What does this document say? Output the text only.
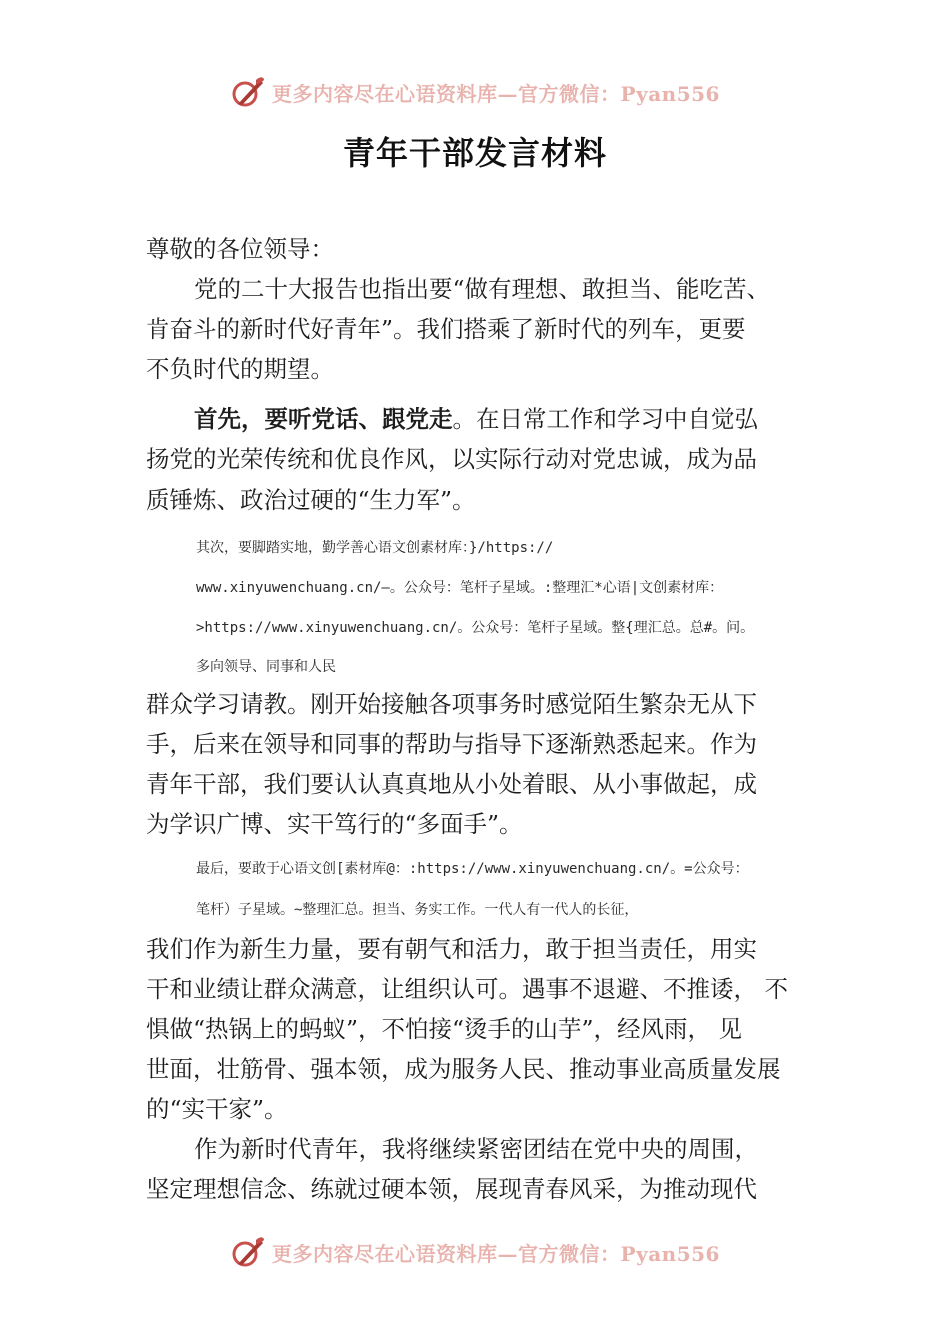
更多内容尽在心语资料库—官方微信：Pyan556
青年干部发言材料
尊敬的各位领导：
党的二十大报告也指出要“做有理想、敢担当、能吃苦、
肯奋斗的新时代好青年”。我们搭乘了新时代的列车，更要
不负时代的期望。
首先，要听党话、跟党走。在日常工作和学习中自觉弘
扬党的光荣传统和优良作风，以实际行动对党忠诚，成为品
质锤炼、政治过硬的“生力军”。
其次，要脚踏实地，勤学善心语文创素材库：}/https://
www.xinyuwenchuang.cn/—。公众号：笔杆子星域。:整理汇*心语|文创素材库：
>https://www.xinyuwenchuang.cn/。公众号：笔杆子星域。整{理汇总。总#。问。
多向领导、同事和人民
群众学习请教。刚开始接触各项事务时感觉陌生繁杂无从下
手，后来在领导和同事的帮助与指导下逐渐熟悉起来。作为
青年干部，我们要认认真真地从小处着眼、从小事做起，成
为学识广博、实干笃行的“多面手”。
最后，要敢于心语文创[素材库@：:https://www.xinyuwenchuang.cn/。=公众号：
笔杆）子星域。~整理汇总。担当、务实工作。一代人有一代人的长征，
我们作为新生力量，要有朝气和活力，敢于担当责任，用实
干和业绩让群众满意，让组织认可。遇事不退避、不推诿， 不
惧做“热锅上的蚂蚁”，不怕接“烫手的山芋”，经风雨， 见
世面，壮筋骨、强本领，成为服务人民、推动事业高质量发展
的“实干家”。
作为新时代青年，我将继续紧密团结在党中央的周围，
坚定理想信念、练就过硬本领，展现青春风采，为推动现代
更多内容尽在心语资料库—官方微信：Pyan556
